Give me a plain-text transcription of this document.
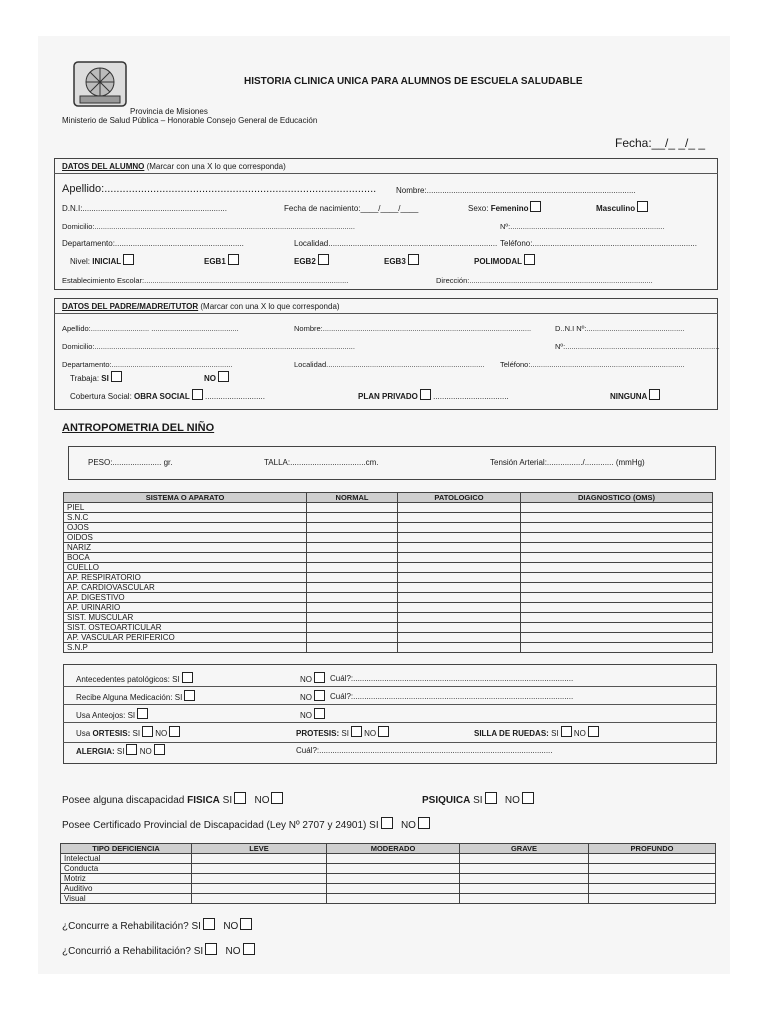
HISTORIA CLINICA UNICA PARA ALUMNOS DE ESCUELA SALUDABLE
Provincia de Misiones
Ministerio de Salud Pública – Honorable Consejo General de Educación
Fecha:__/_ _/_ _
DATOS DEL ALUMNO (Marcar con una X lo que corresponda)
Apellido:......................................................................................... Nombre:..............................................................................................
D.N.I:.................................................................	Fecha de nacimiento:____/____/____	Sexo: Femenino	Masculino
Domicilio:.............................................................................................................................	Nº:..........................................................................
Departamento:..........................................................	Localidad............................................................................ Teléfono:..........................................................................
Nivel: INICIAL	EGB1	EGB2	EGB3	POLIMODAL
Establecimiento Escolar:..................................................................................................	Dirección:........................................................................................
DATOS DEL PADRE/MADRE/TUTOR (Marcar con una X lo que corresponda)
Apellido:............................ ..........................................	Nombre:....................................................................................................	D..N.I Nº:...............................................
Domicilio:.............................................................................................................................	Nº:..........................................................................
Departamento:..........................................................	Localidad............................................................................ Teléfono:..........................................................................
Trabaja: SI	NO
Cobertura Social: OBRA SOCIAL ...........................	PLAN PRIVADO ..................................	NINGUNA
ANTROPOMETRIA DEL NIÑO
PESO:...................... gr.	TALLA:..................................cm.	Tensión Arterial:................/............. (mmHg)
SISTEMA O APARATO	NORMAL	PATOLOGICO	DIAGNOSTICO (OMS)
PIEL			
S.N.C			
OJOS			
OIDOS			
NARIZ			
BOCA			
CUELLO			
AP. RESPIRATORIO			
AP. CARDIOVASCULAR			
AP. DIGESTIVO			
AP. URINARIO			
SIST. MUSCULAR			
SIST. OSTEOARTICULAR			
AP. VASCULAR PERIFERICO			
S.N.P			
Antecedentes patológicos: SI	NO	Cuál?:...................................................................................................
Recibe Alguna Medicación: SI	NO	Cuál?:...................................................................................................
Usa Anteojos: SI	NO
Usa ORTESIS: SI NO	PROTESIS: SI NO	SILLA DE RUEDAS: SI NO
ALERGIA: SI NO	Cuál?:.........................................................................................................
Posee alguna discapacidad FISICA SI NO	PSIQUICA SI NO
Posee Certificado Provincial de Discapacidad (Ley Nº 2707 y 24901) SI NO
TIPO DEFICIENCIA	LEVE	MODERADO	GRAVE	PROFUNDO
Intelectual				
Conducta				
Motriz				
Auditivo				
Visual				
¿Concurre a Rehabilitación? SI NO
¿Concurrió a Rehabilitación? SI NO
